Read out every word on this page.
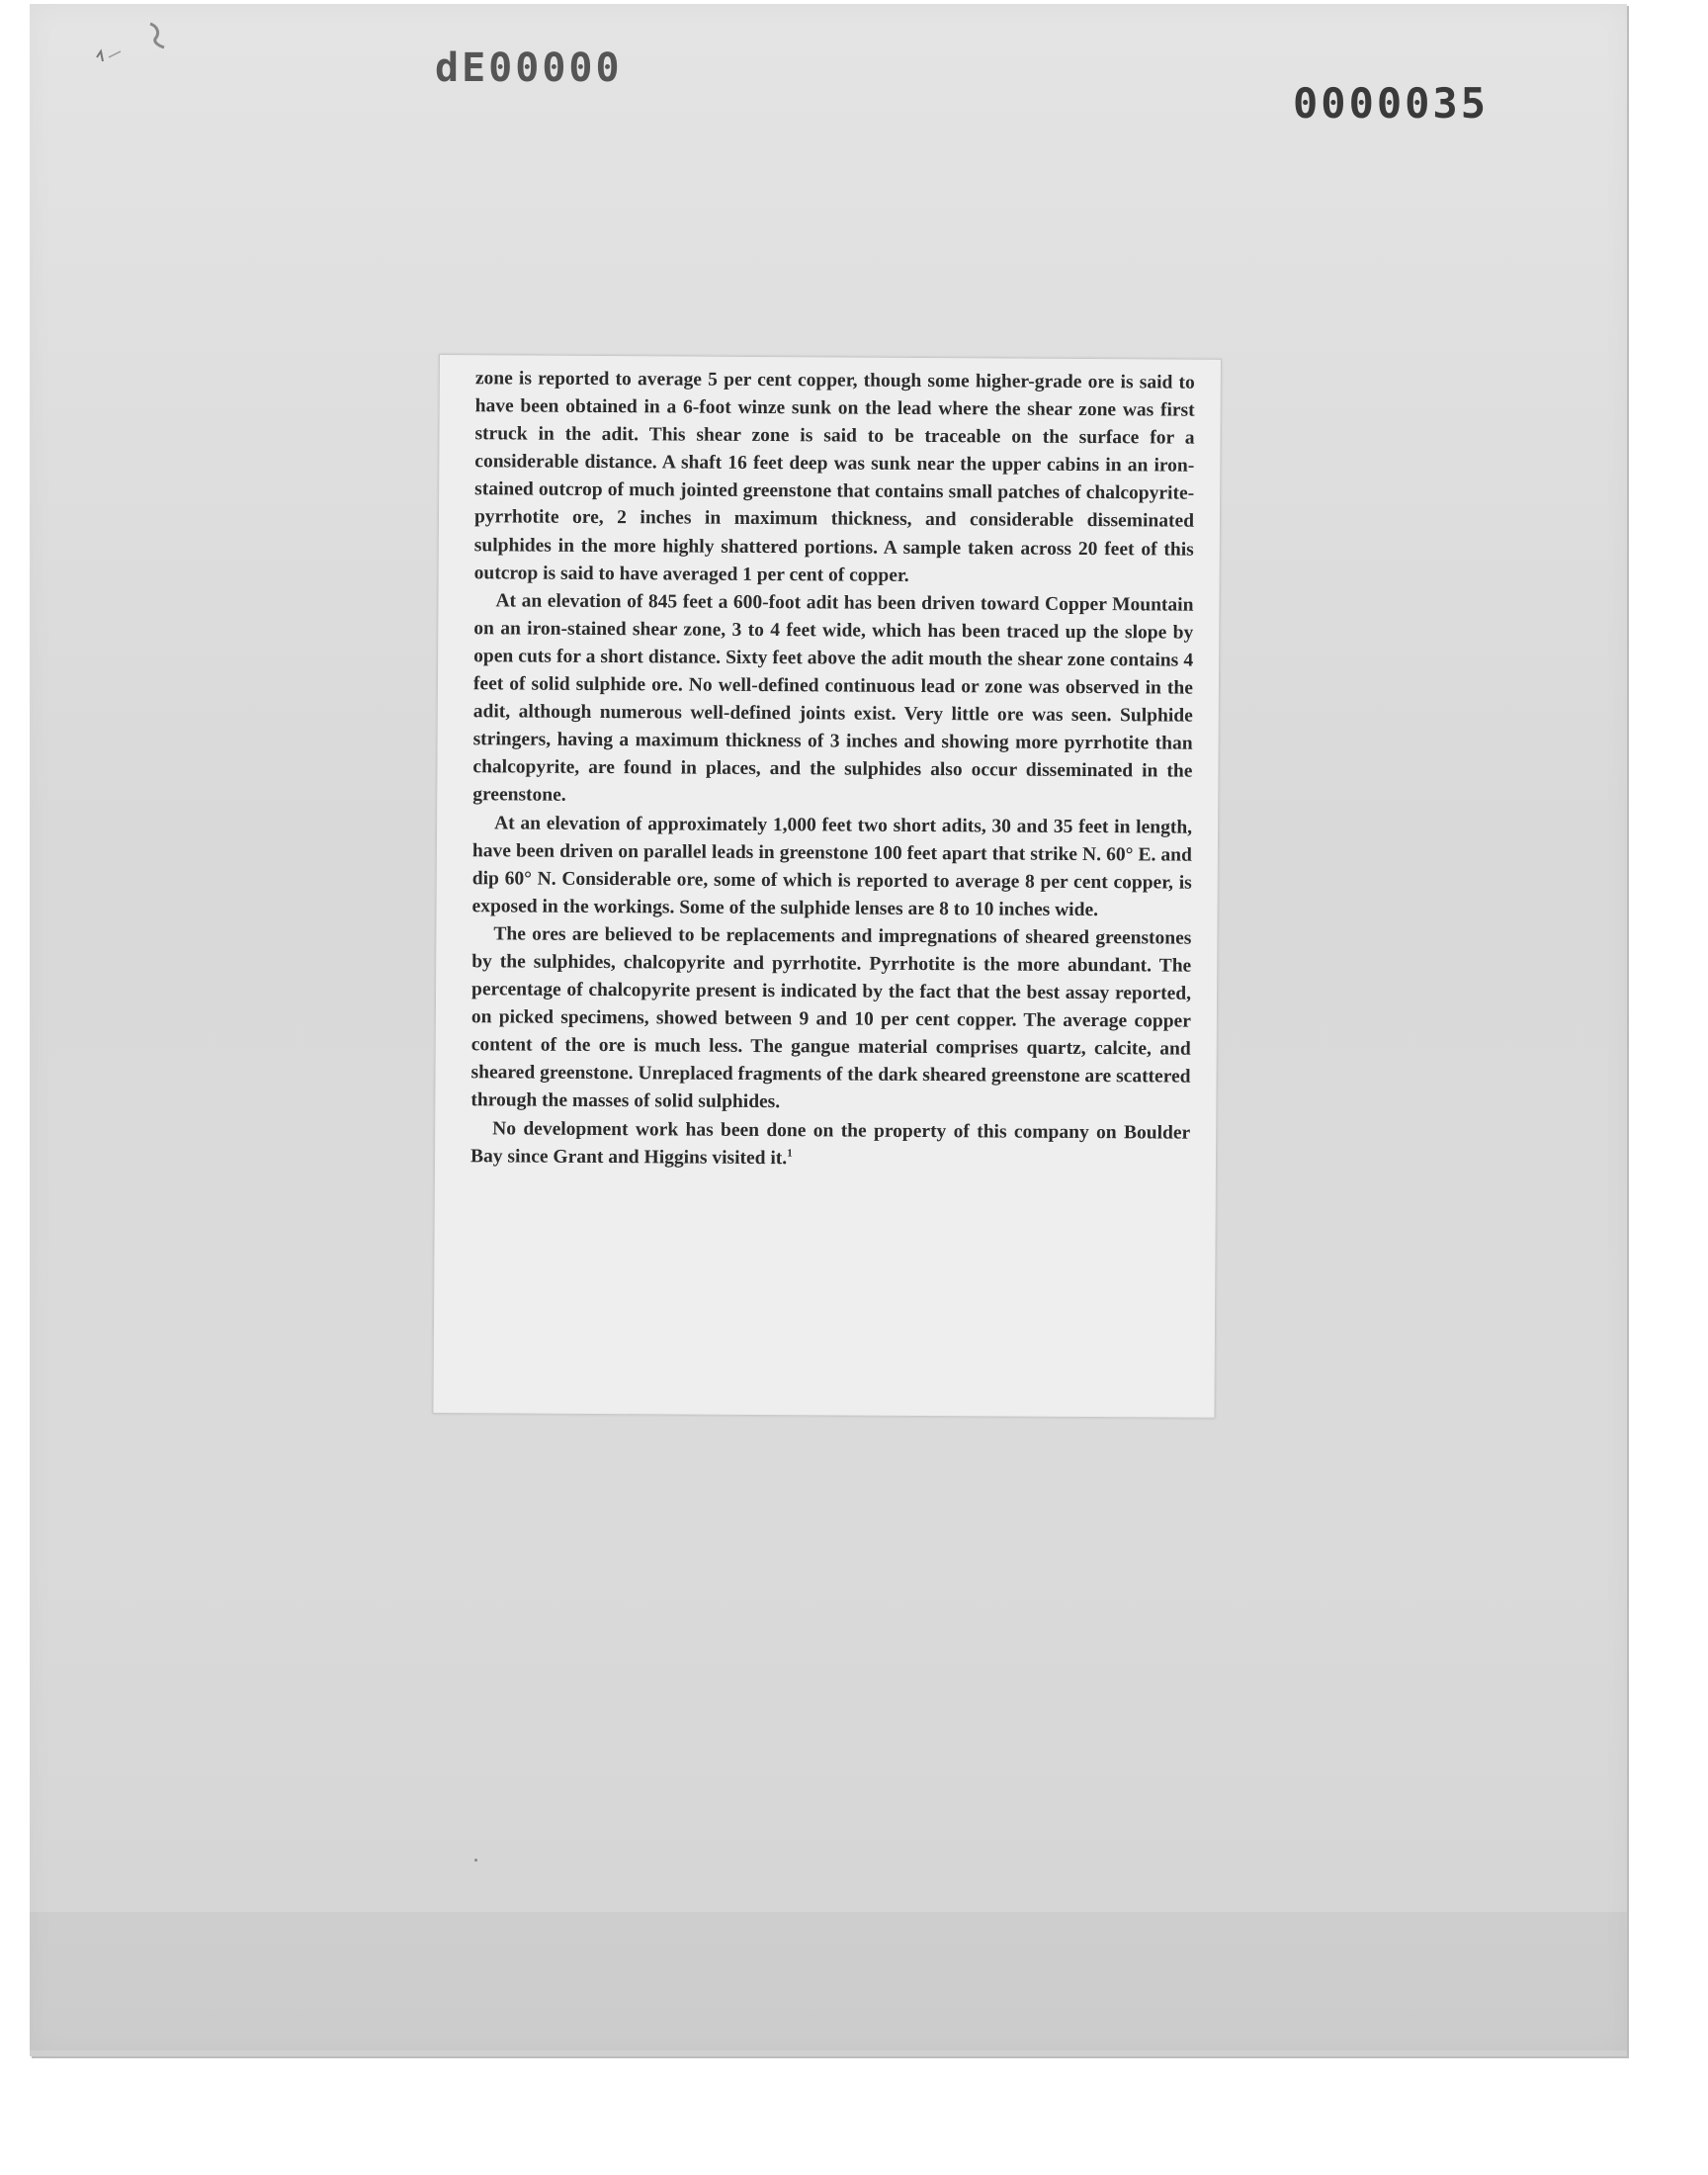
dE00000
0000035

zone is reported to average 5 per cent copper, though some higher-grade ore is said to have been obtained in a 6-foot winze sunk on the lead where the shear zone was first struck in the adit. This shear zone is said to be traceable on the surface for a considerable distance. A shaft 16 feet deep was sunk near the upper cabins in an iron-stained outcrop of much jointed greenstone that contains small patches of chalcopyrite-pyrrhotite ore, 2 inches in maximum thickness, and considerable disseminated sulphides in the more highly shattered portions. A sample taken across 20 feet of this outcrop is said to have averaged 1 per cent of copper.

At an elevation of 845 feet a 600-foot adit has been driven toward Copper Mountain on an iron-stained shear zone, 3 to 4 feet wide, which has been traced up the slope by open cuts for a short distance. Sixty feet above the adit mouth the shear zone contains 4 feet of solid sulphide ore. No well-defined continuous lead or zone was observed in the adit, although numerous well-defined joints exist. Very little ore was seen. Sulphide stringers, having a maximum thickness of 3 inches and showing more pyrrhotite than chalcopyrite, are found in places, and the sulphides also occur disseminated in the greenstone.

At an elevation of approximately 1,000 feet two short adits, 30 and 35 feet in length, have been driven on parallel leads in greenstone 100 feet apart that strike N. 60° E. and dip 60° N. Considerable ore, some of which is reported to average 8 per cent copper, is exposed in the workings. Some of the sulphide lenses are 8 to 10 inches wide.

The ores are believed to be replacements and impregnations of sheared greenstones by the sulphides, chalcopyrite and pyrrhotite. Pyrrhotite is the more abundant. The percentage of chalcopyrite present is indicated by the fact that the best assay reported, on picked specimens, showed between 9 and 10 per cent copper. The average copper content of the ore is much less. The gangue material comprises quartz, calcite, and sheared greenstone. Unreplaced fragments of the dark sheared greenstone are scattered through the masses of solid sulphides.

No development work has been done on the property of this company on Boulder Bay since Grant and Higgins visited it.$^1$
